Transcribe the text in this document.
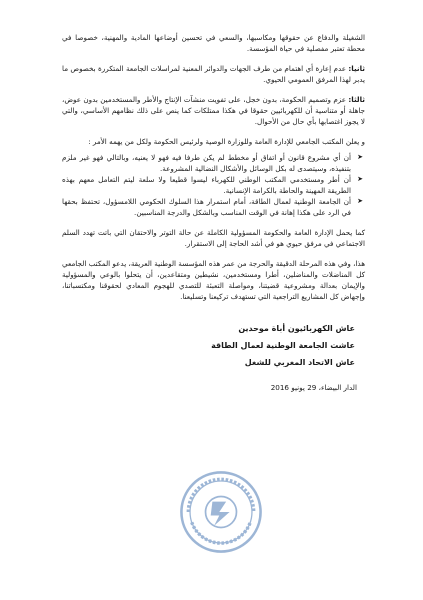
الشغيلة والدفاع عن حقوقها ومكاسبها، والسعي في تحسين أوضاعها المادية والمهنية، خصوصا في محطة تعتبر مفصلية في حياة المؤسسة.

ثانيا: عدم إعارة أي اهتمام من طرف الجهات والدوائر المعنية لمراسلات الجامعة المتكررة بخصوص ما يدبر لهذا المرفق العمومي الحيوي.

ثالثا: عزم وتصميم الحكومة، بدون خجل، على تفويت منشآت الإنتاج والأطر والمستخدمين بدون عوض، جاهلة أو متناسية أن للكهربائيين حقوقا في هكذا ممتلكات كما ينص على ذلك نظامهم الأساسي، والتي لا يجوز اغتصابها بأي حال من الأحوال.

و يعلن المكتب الجامعي للإدارة العامة وللوزارة الوصية ولرئيس الحكومة ولكل من يهمه الأمر :

➤ أن أي مشروع قانون أو اتفاق أو مخطط لم يكن طرفا فيه فهو لا يعنيه، وبالتالي فهو غير ملزم بتنفيذه، وسيتصدى له بكل الوسائل والأشكال النضالية المشروعة.
➤ أن أطر ومستخدمي المكتب الوطني للكهرباء ليسوا قطيعا ولا سلعة ليتم التعامل معهم بهذه الطريقة المهينة والحاطة بالكرامة الإنسانية.
➤ أن الجامعة الوطنية لعمال الطاقة، أمام استمرار هذا السلوك الحكومي اللامسؤول، تحتفظ بحقها في الرد على هكذا إهانة في الوقت المناسب وبالشكل والدرجة المناسبين.

كما يحمل الإدارة العامة والحكومة المسؤولية الكاملة عن حالة التوتر والاحتقان التي باتت تهدد السلم الاجتماعي في مرفق حيوي هو في أشد الحاجة إلى الاستقرار.

هذا، وفي هذه المرحلة الدقيقة والحرجة من عمر هذه المؤسسة الوطنية العريقة، يدعو المكتب الجامعي كل المناضلات والمناضلين، أطرا ومستخدمين، نشيطين ومتقاعدين، أن يتحلوا بالوعي والمسؤولية والإيمان بعدالة ومشروعية قضيتنا، ومواصلة التعبئة للتصدي للهجوم المعادي لحقوقنا ومكتسباتنا، وإجهاض كل المشاريع التراجعية التي تستهدف تركيعنا وتسليعنا.

عاش الكهربائيون أباة موحدين

عاشت الجامعة الوطنية لعمال الطاقة

عاش الاتحاد المغربي للشغل

الدار البيضاء، 29 يونيو 2016
